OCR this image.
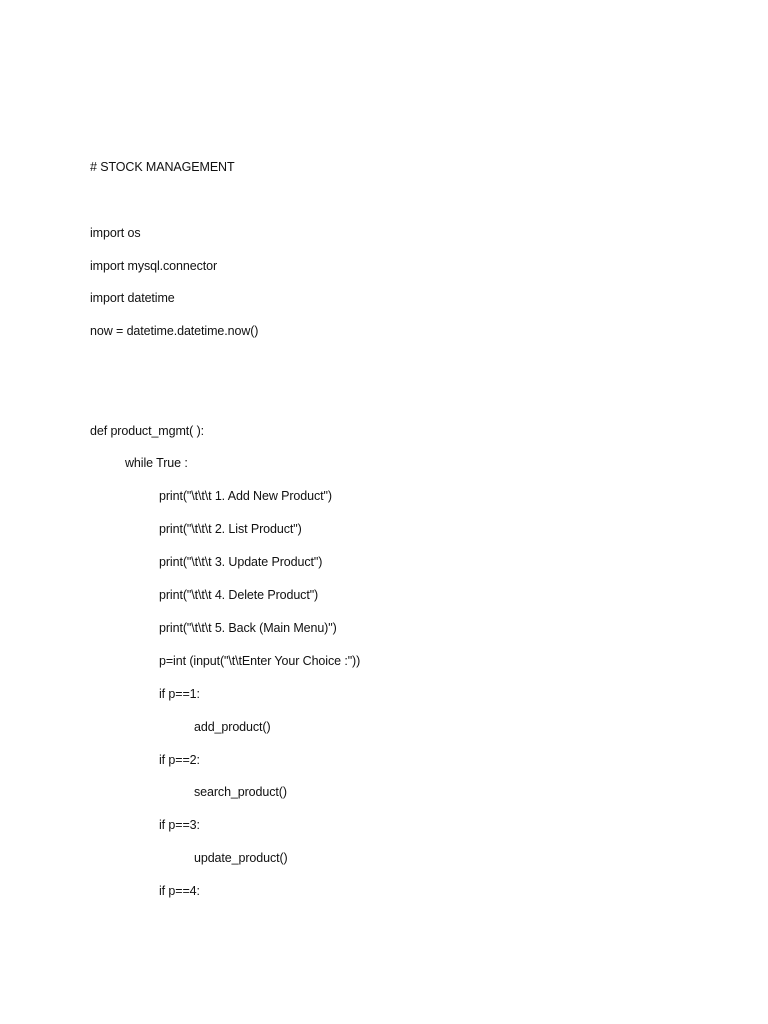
# STOCK MANAGEMENT
import os
import mysql.connector
import datetime
now = datetime.datetime.now()
def product_mgmt( ):
while True :
print("\t\t\t 1. Add New Product")
print("\t\t\t 2. List Product")
print("\t\t\t 3. Update Product")
print("\t\t\t 4. Delete Product")
print("\t\t\t 5. Back (Main Menu)")
p=int (input("\t\tEnter Your Choice :"))
if p==1:
add_product()
if p==2:
search_product()
if p==3:
update_product()
if p==4:
